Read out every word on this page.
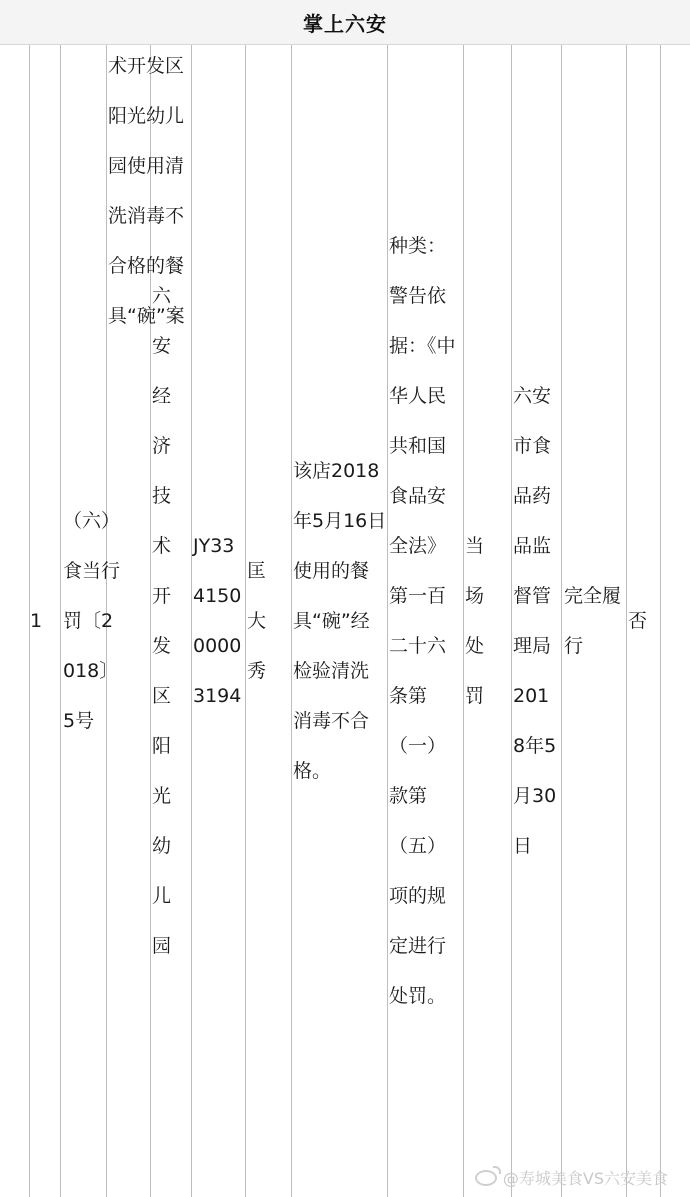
掌上六安
1
（六）食当行罚〔2018〕5号
术开发区阳光幼儿园使用清洗消毒不合格的餐具“碗”案
六安经济技术开发区阳光幼儿园
JY33415000003194
匡大秀
该店2018年5月16日使用的餐具“碗”经检验清洗消毒不合格。
种类：警告依据：《中华人民共和国食品安全法》第一百二十六条第（一）款第（五）项的规定进行处罚。
当场处罚
六安市食品药品监督管理局2018年5月30日
完全履行
否
@寿城美食VS六安美食
